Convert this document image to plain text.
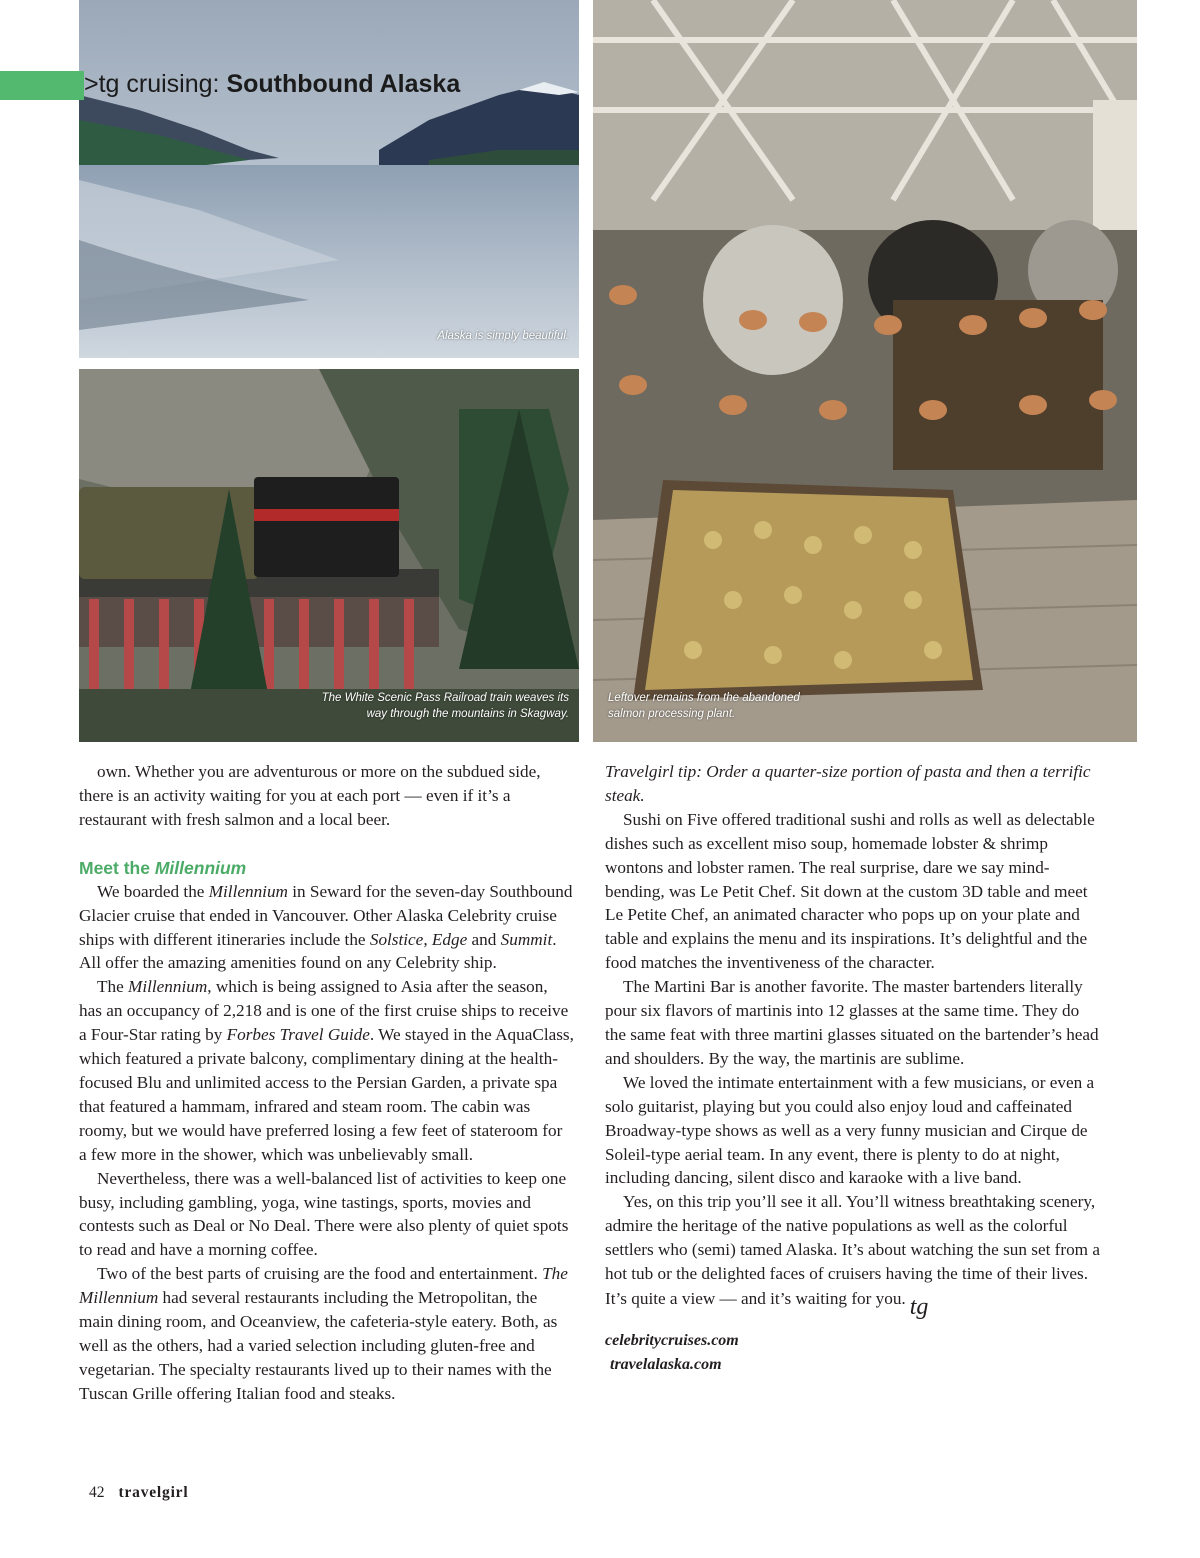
Alaska is simply beautiful.
The White Scenic Pass Railroad train weaves its
way through the mountains in Skagway.
Leftover remains from the abandoned
salmon processing plant.
>tg cruising: Southbound Alaska

own. Whether you are adventurous or more on the subdued side, there is an activity waiting for you at each port — even if it’s a restaurant with fresh salmon and a local beer.

Meet the Millennium

We boarded the Millennium in Seward for the seven-day Southbound Glacier cruise that ended in Vancouver. Other Alaska Celebrity cruise ships with different itineraries include the Solstice, Edge and Summit. All offer the amazing amenities found on any Celebrity ship.

The Millennium, which is being assigned to Asia after the season, has an occupancy of 2,218 and is one of the first cruise ships to receive a Four-Star rating by Forbes Travel Guide. We stayed in the AquaClass, which featured a private balcony, complimentary dining at the health-focused Blu and unlimited access to the Persian Garden, a private spa that featured a hammam, infrared and steam room. The cabin was roomy, but we would have preferred losing a few feet of stateroom for a few more in the shower, which was unbelievably small.

Nevertheless, there was a well-balanced list of activities to keep one busy, including gambling, yoga, wine tastings, sports, movies and contests such as Deal or No Deal. There were also plenty of quiet spots to read and have a morning coffee.

Two of the best parts of cruising are the food and entertainment. The Millennium had several restaurants including the Metropolitan, the main dining room, and Oceanview, the cafeteria-style eatery. Both, as well as the others, had a varied selection including gluten-free and vegetarian. The specialty restaurants lived up to their names with the Tuscan Grille offering Italian food and steaks.

Travelgirl tip: Order a quarter-size portion of pasta and then a terrific steak.

Sushi on Five offered traditional sushi and rolls as well as delectable dishes such as excellent miso soup, homemade lobster & shrimp wontons and lobster ramen. The real surprise, dare we say mind-bending, was Le Petit Chef. Sit down at the custom 3D table and meet Le Petite Chef, an animated character who pops up on your plate and table and explains the menu and its inspirations. It’s delightful and the food matches the inventiveness of the character.

The Martini Bar is another favorite. The master bartenders literally pour six flavors of martinis into 12 glasses at the same time. They do the same feat with three martini glasses situated on the bartender’s head and shoulders. By the way, the martinis are sublime.

We loved the intimate entertainment with a few musicians, or even a solo guitarist, playing but you could also enjoy loud and caffeinated Broadway-type shows as well as a very funny musician and Cirque de Soleil-type aerial team. In any event, there is plenty to do at night, including dancing, silent disco and karaoke with a live band.

Yes, on this trip you’ll see it all. You’ll witness breathtaking scenery, admire the heritage of the native populations as well as the colorful settlers who (semi) tamed Alaska. It’s about watching the sun set from a hot tub or the delighted faces of cruisers having the time of their lives. It’s quite a view — and it’s waiting for you. tg

celebritycruises.com
travelalaska.com
42 travelgirl
